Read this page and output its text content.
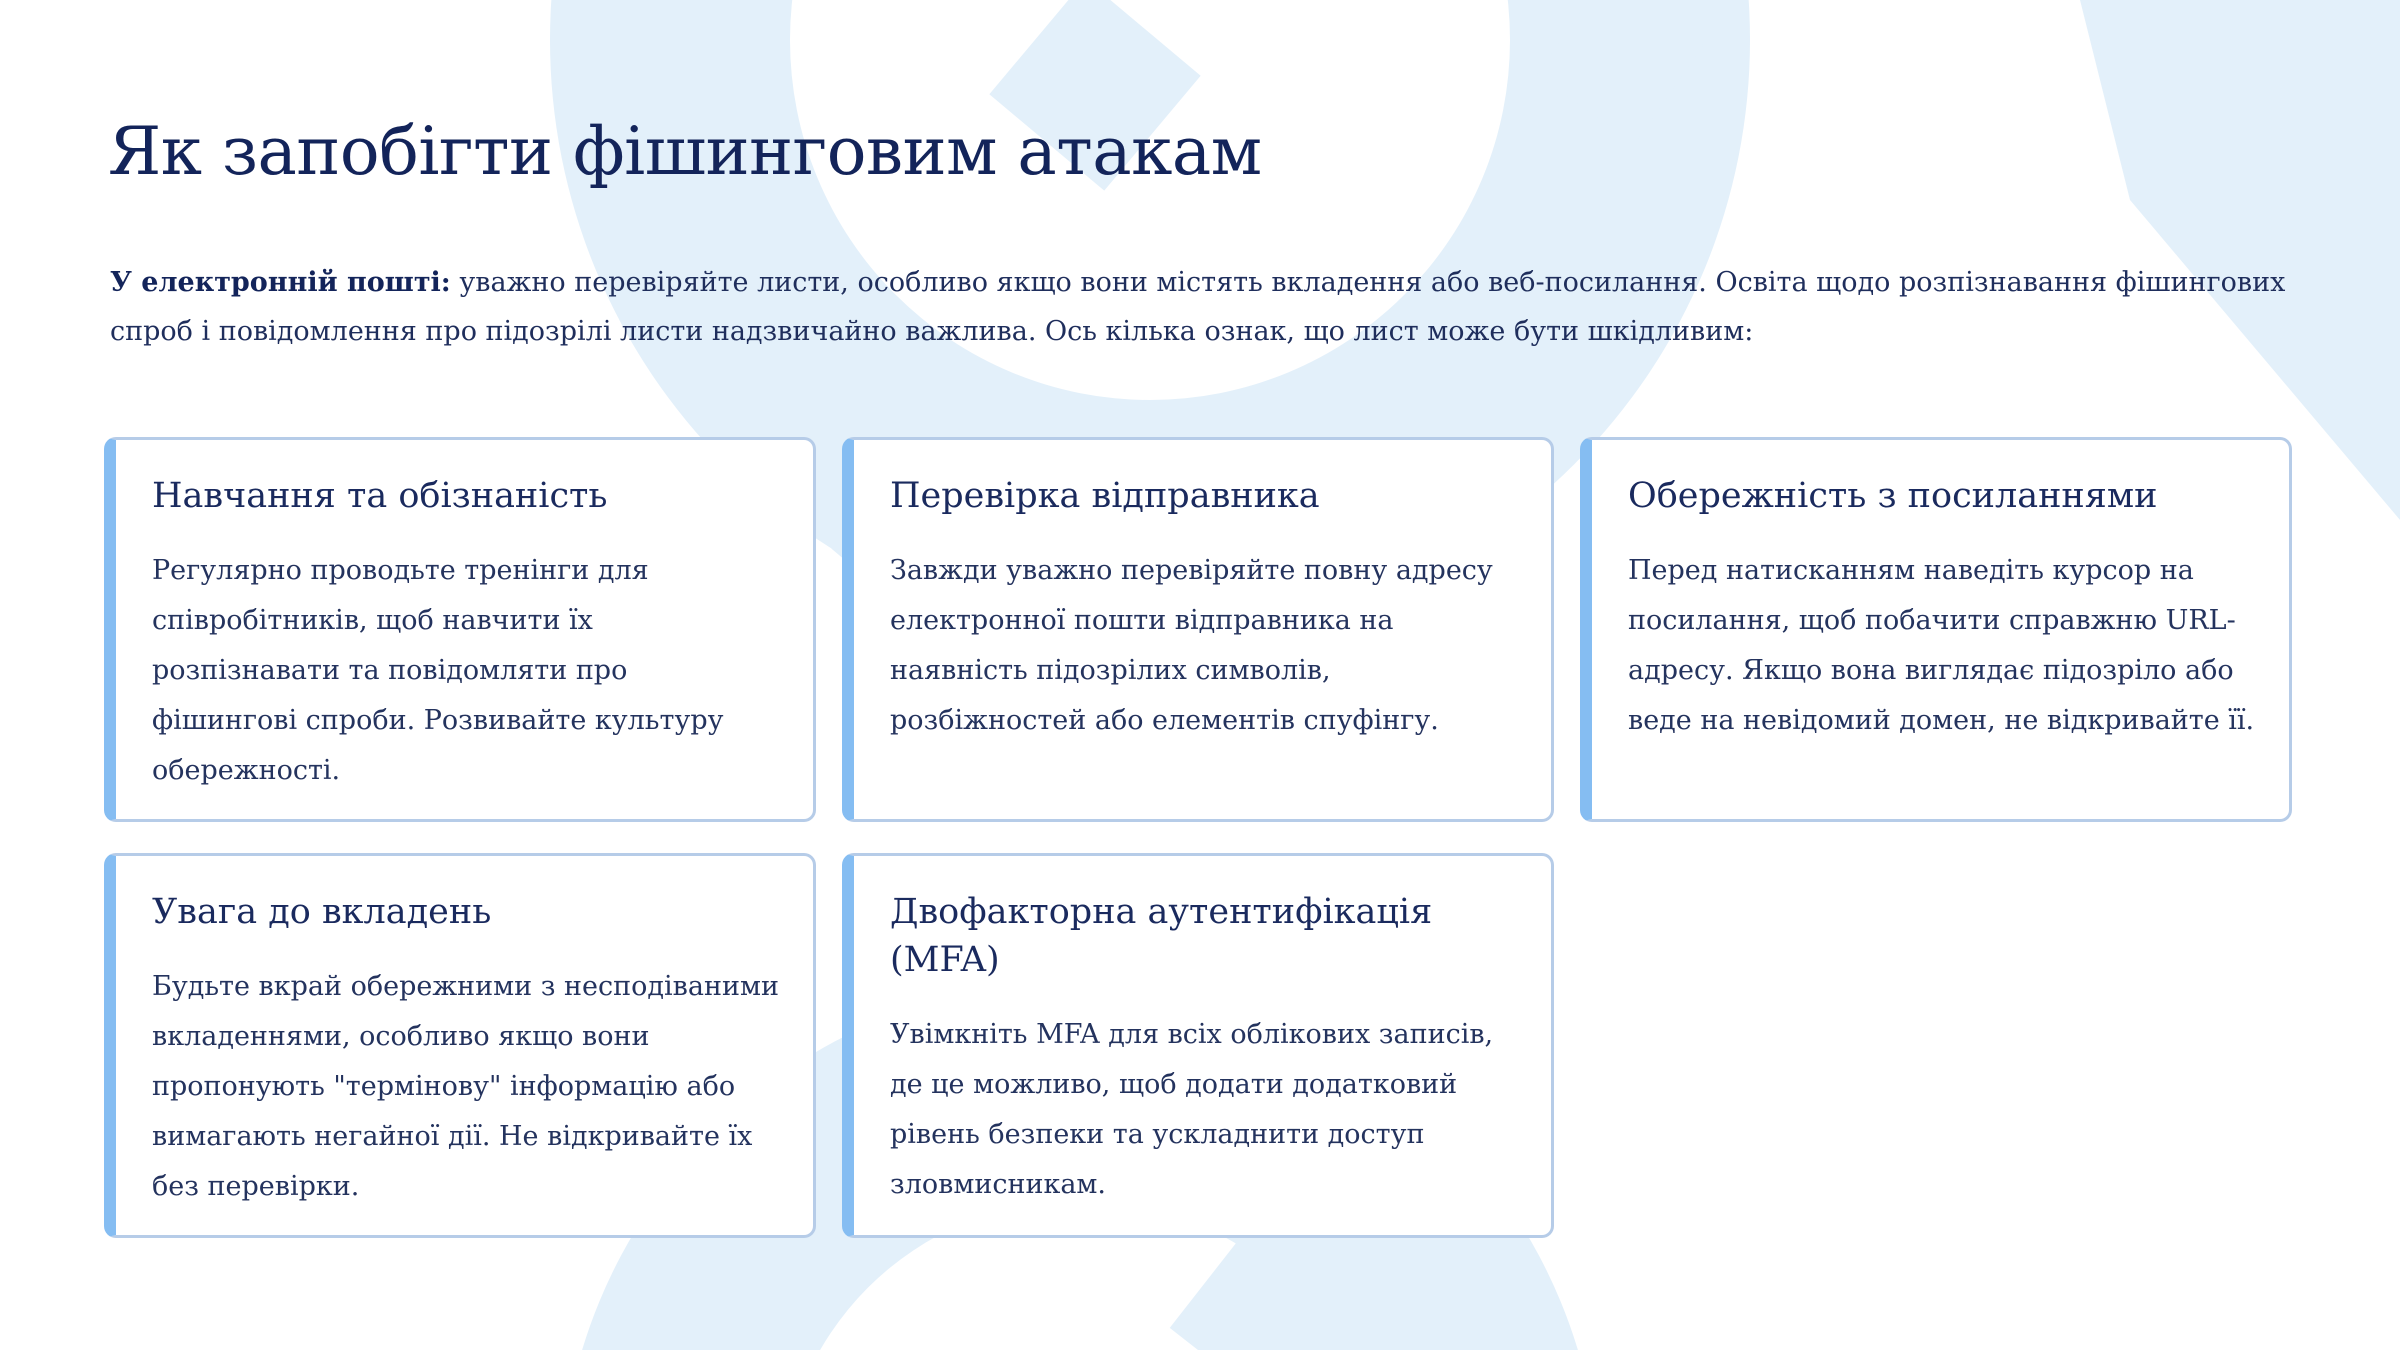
Як запобігти фішинговим атакам

У електронній пошті: уважно перевіряйте листи, особливо якщо вони містять вкладення або веб-посилання. Освіта щодо розпізнавання фішингових спроб і повідомлення про підозрілі листи надзвичайно важлива. Ось кілька ознак, що лист може бути шкідливим:

Навчання та обізнаність

Регулярно проводьте тренінги для співробітників, щоб навчити їх розпізнавати та повідомляти про фішингові спроби. Розвивайте культуру обережності.

Перевірка відправника

Завжди уважно перевіряйте повну адресу електронної пошти відправника на наявність підозрілих символів, розбіжностей або елементів спуфінгу.

Обережність з посиланнями

Перед натисканням наведіть курсор на посилання, щоб побачити справжню URL-адресу. Якщо вона виглядає підозріло або веде на невідомий домен, не відкривайте її.

Увага до вкладень

Будьте вкрай обережними з несподіваними вкладеннями, особливо якщо вони пропонують "термінову" інформацію або вимагають негайної дії. Не відкривайте їх без перевірки.

Двофакторна аутентифікація (MFA)

Увімкніть MFA для всіх облікових записів, де це можливо, щоб додати додатковий рівень безпеки та ускладнити доступ зловмисникам.
